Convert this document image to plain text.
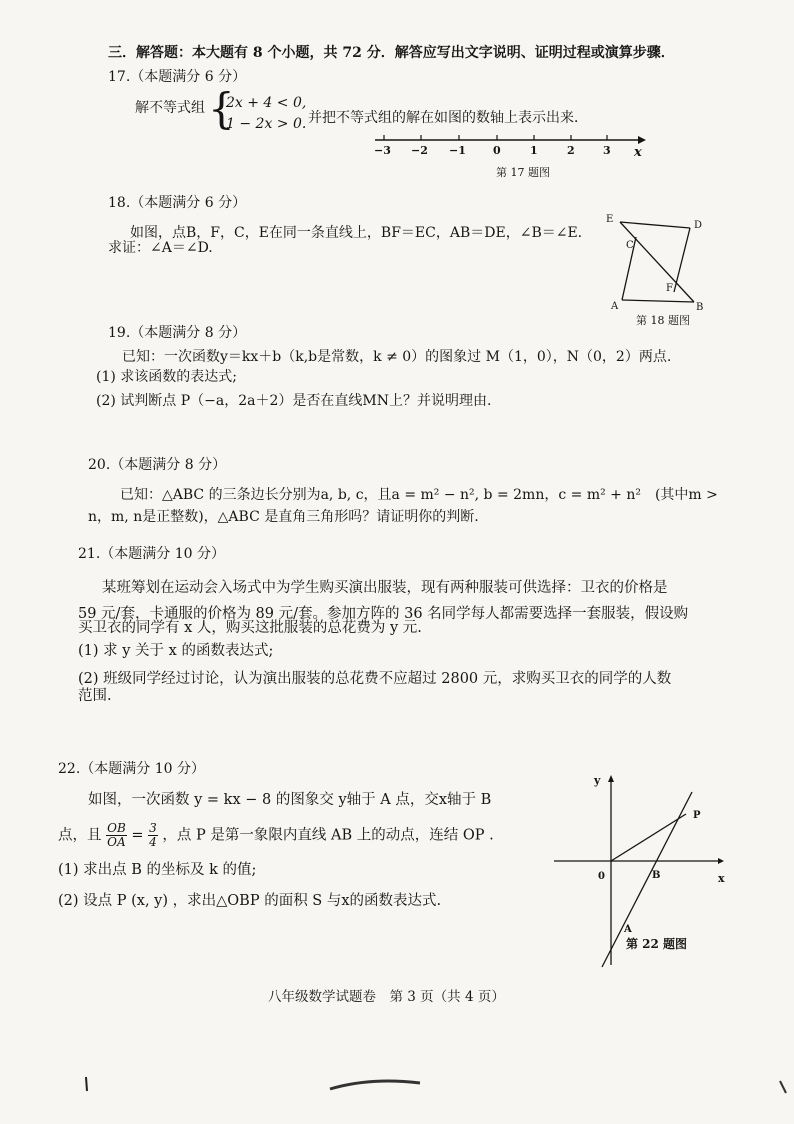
三．解答题：本大题有 8 个小题，共 72 分．解答应写出文字说明、证明过程或演算步骤．
17.（本题满分 6 分）
解不等式组 {
2x + 4 < 0,
1 − 2x > 0. 并把不等式组的解在如图的数轴上表示出来．
−3 −2 −1 0	1	2	3 x
第 17 题图
18.（本题满分 6 分）
如图，点B，F，C，E在同一条直线上，BF＝EC，AB＝DE，∠B＝∠E.
求证：∠A＝∠D.
E
D
C
F
A	B
第 18 题图
19.（本题满分 8 分）
已知：一次函数y＝kx＋b（k,b是常数，k ≠ 0）的图象过 M（1，0），N（0，2）两点.
(1) 求该函数的表达式;
(2) 试判断点 P（−a，2a＋2）是否在直线MN上？并说明理由.
20.（本题满分 8 分）
已知：△ABC 的三条边长分别为a, b, c，且a = m² − n², b = 2mn，c = m² + n²　(其中m >
n，m, n是正整数)，△ABC 是直角三角形吗？请证明你的判断.
21.（本题满分 10 分）
某班筹划在运动会入场式中为学生购买演出服装，现有两种服装可供选择：卫衣的价格是
59 元/套，卡通服的价格为 89 元/套。参加方阵的 36 名同学每人都需要选择一套服装，假设购
买卫衣的同学有 x 人，购买这批服装的总花费为 y 元.
(1) 求 y 关于 x 的函数表达式;
(2) 班级同学经过讨论，认为演出服装的总花费不应超过 2800 元，求购买卫衣的同学的人数
范围.
22.（本题满分 10 分）
如图，一次函数 y = kx − 8 的图象交 y轴于 A 点，交x轴于 B
点，且 $\frac{OB}{OA} = \frac{3}{4}$ ，点 P 是第一象限内直线 AB 上的动点，连结 OP .
(1) 求出点 B 的坐标及 k 的值;
(2) 设点 P (x, y) ，求出△OBP 的面积 S 与x的函数表达式.
y
x
0	B
P
A
第 22 题图
八年级数学试题卷　第 3 页（共 4 页）
